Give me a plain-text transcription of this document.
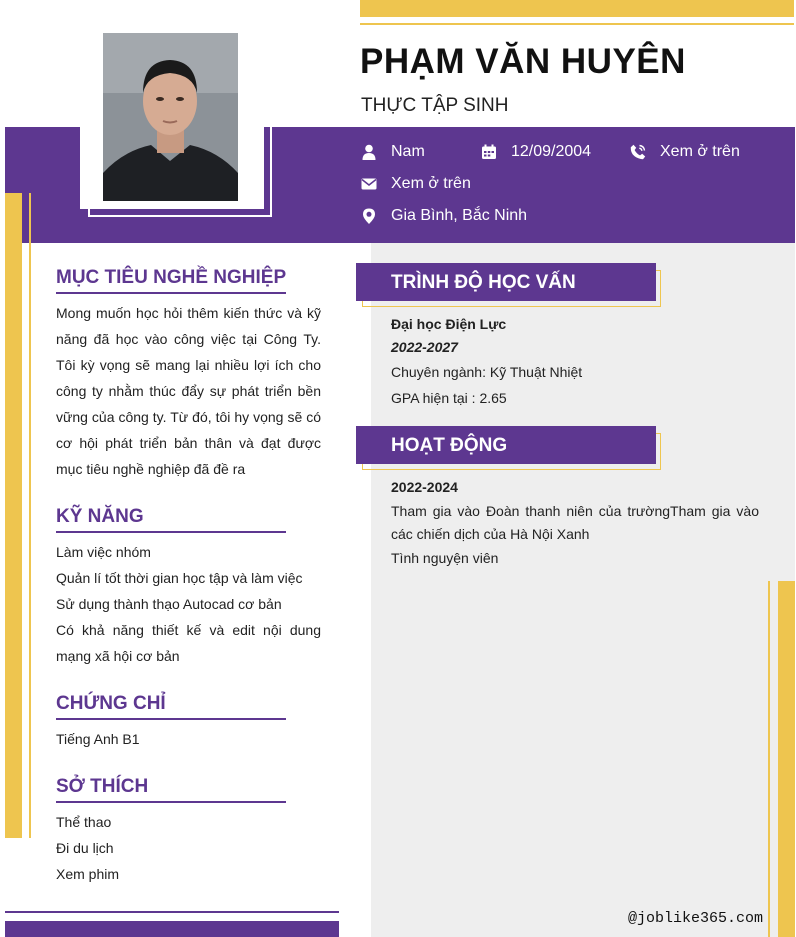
PHẠM VĂN HUYÊN
THỰC TẬP SINH
Nam	12/09/2004	Xem ở trên
Xem ở trên
Gia Bình, Bắc Ninh
MỤC TIÊU NGHỀ NGHIỆP
Mong muốn học hỏi thêm kiến thức và kỹ năng đã học vào công việc tại Công Ty. Tôi kỳ vọng sẽ mang lại nhiều lợi ích cho công ty nhằm thúc đẩy sự phát triển bền vững của công ty. Từ đó, tôi hy vọng sẽ có cơ hội phát triển bản thân và đạt được mục tiêu nghề nghiệp đã đề ra
KỸ NĂNG
Làm việc nhóm
Quản lí tốt thời gian học tập và làm việc
Sử dụng thành thạo Autocad cơ bản
Có khả năng thiết kế và edit nội dung mạng xã hội cơ bản
CHỨNG CHỈ
Tiếng Anh B1
SỞ THÍCH
Thể thao
Đi du lịch
Xem phim
TRÌNH ĐỘ HỌC VẤN
Đại học Điện Lực
2022-2027
Chuyên ngành: Kỹ Thuật Nhiệt
GPA hiện tại : 2.65
HOẠT ĐỘNG
2022-2024
Tham gia vào Đoàn thanh niên của trườngTham gia vào các chiến dịch của Hà Nội Xanh
Tình nguyện viên
@joblike365.com
